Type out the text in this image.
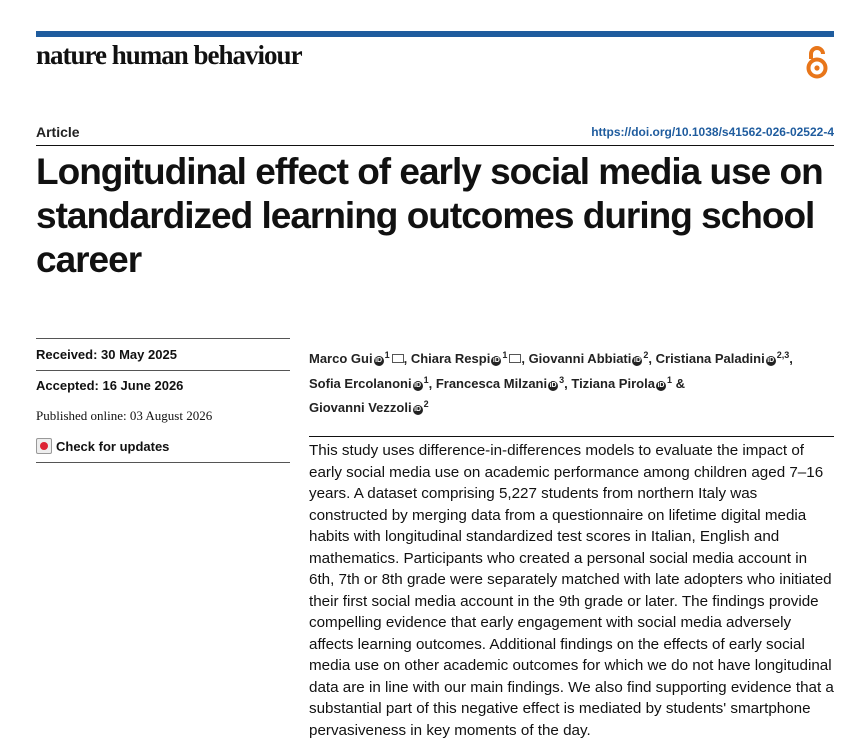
nature human behaviour
Article	https://doi.org/10.1038/s41562-026-02522-4
Longitudinal effect of early social media use on standardized learning outcomes during school career
Received: 30 May 2025
Accepted: 16 June 2026
Published online: 03 August 2026
Check for updates
Marco Gui iD$^1$ , Chiara Respi iD$^1$ , Giovanni Abbiati iD$^2$, Cristiana Paladini iD$^{2,3}$,
Sofia Ercolanoni iD$^1$, Francesca Milzani iD$^3$, Tiziana Pirola iD$^1$ &
Giovanni Vezzoli iD$^2$

This study uses difference-in-differences models to evaluate the impact of early social media use on academic performance among children aged 7–16 years. A dataset comprising 5,227 students from northern Italy was constructed by merging data from a questionnaire on lifetime digital media habits with longitudinal standardized test scores in Italian, English and mathematics. Participants who created a personal social media account in 6th, 7th or 8th grade were separately matched with late adopters who initiated their first social media account in the 9th grade or later. The findings provide compelling evidence that early engagement with social media adversely affects learning outcomes. Additional findings on the effects of early social media use on other academic outcomes for which we do not have longitudinal data are in line with our main findings. We also find supporting evidence that a substantial part of this negative effect is mediated by students' smartphone pervasiveness in key moments of the day.
